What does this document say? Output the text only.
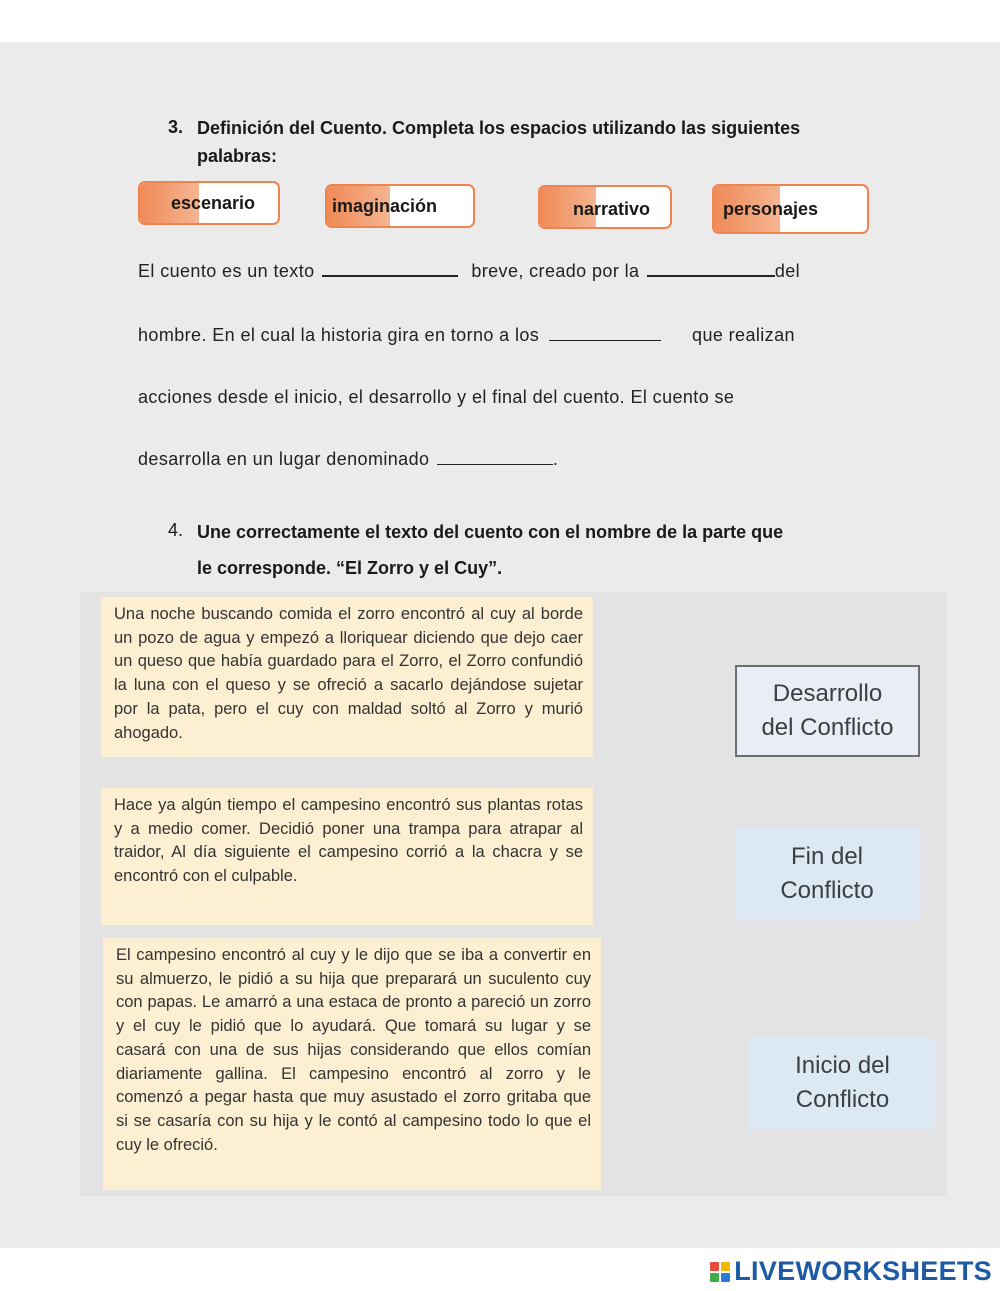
3. Definición del Cuento. Completa los espacios utilizando las siguientes
palabras:
escenario	imaginación	narrativo	personajes
El cuento es un texto	breve, creado por la	del
hombre. En el cual la historia gira en torno a los	que realizan
acciones desde el inicio, el desarrollo y el final del cuento. El cuento se
desarrolla en un lugar denominado	.
4. Une correctamente el texto del cuento con el nombre de la parte que
le corresponde. “El Zorro y el Cuy”.
Una noche buscando comida el zorro encontró al cuy al borde un pozo de agua y empezó a lloriquear diciendo que dejo caer un queso que había guardado para el Zorro, el Zorro confundió la luna con el queso y se ofreció a sacarlo dejándose sujetar por la pata, pero el cuy con maldad soltó al Zorro y murió ahogado.
Hace ya algún tiempo el campesino encontró sus plantas rotas y a medio comer. Decidió poner una trampa para atrapar al traidor, Al día siguiente el campesino corrió a la chacra y se encontró con el culpable.
El campesino encontró al cuy y le dijo que se iba a convertir en su almuerzo, le pidió a su hija que preparará un suculento cuy con papas. Le amarró a una estaca de pronto a pareció un zorro y el cuy le pidió que lo ayudará. Que tomará su lugar y se casará con una de sus hijas considerando que ellos comían diariamente gallina. El campesino encontró al zorro y le comenzó a pegar hasta que muy asustado el zorro gritaba que si se casaría con su hija y le contó al campesino todo lo que el cuy le ofreció.
Desarrollo
del Conflicto
Fin del
Conflicto
Inicio del
Conflicto
LIVEWORKSHEETS
